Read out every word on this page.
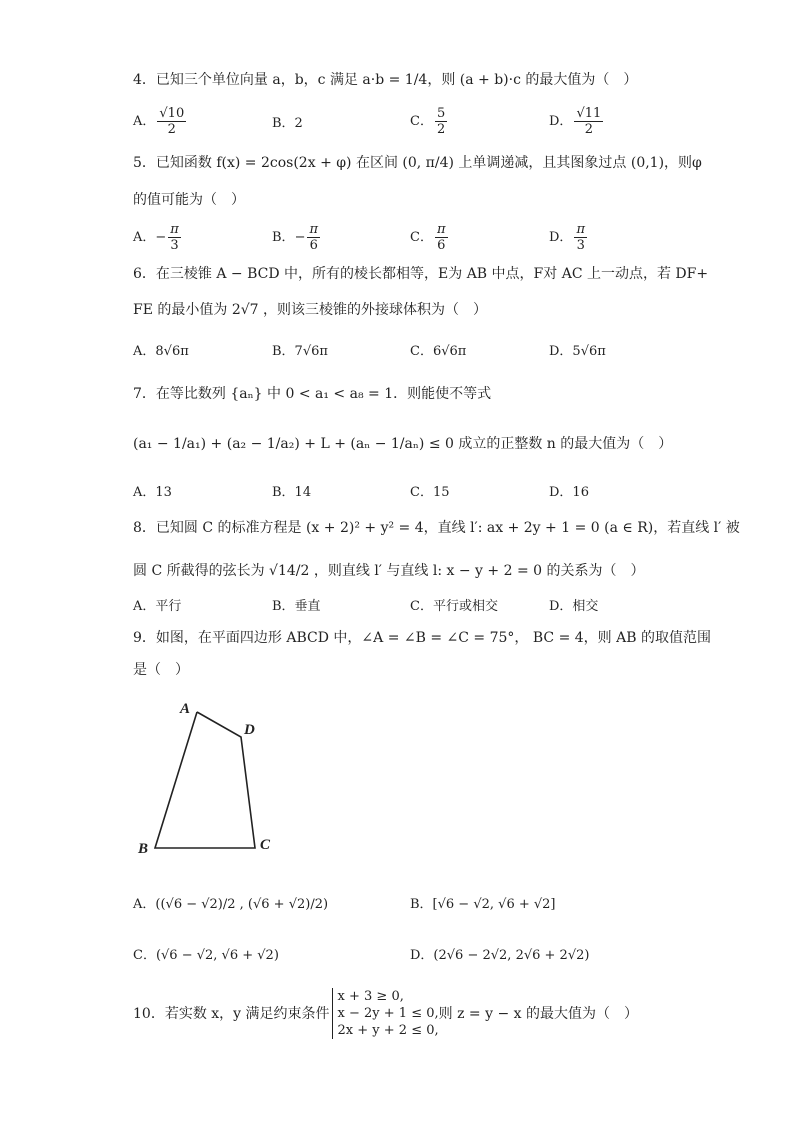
4．已知三个单位向量 a，b，c 满足 a·b = 1/4，则 (a + b)·c 的最大值为（　）
A． $\frac{√10}{2}$	B．2	C． $\frac{5}{2}$	D． $\frac{√11}{2}$
5．已知函数 f(x) = 2cos(2x + φ) 在区间 (0, π/4) 上单调递减，且其图象过点 (0,1)，则φ
的值可能为（　）
A．− $\frac{\pi}{3}$	B．− $\frac{\pi}{6}$	C． $\frac{\pi}{6}$	D． $\frac{\pi}{3}$
6．在三棱锥 A − BCD 中，所有的棱长都相等，E为 AB 中点，F对 AC 上一动点，若 DF+
FE 的最小值为 2√7 ，则该三棱锥的外接球体积为（　）
A．8√6π	B．7√6π	C．6√6π	D．5√6π
7．在等比数列 {aₙ} 中 0 < a₁ < a₈ = 1．则能使不等式
(a₁ − 1/a₁) + (a₂ − 1/a₂) + L + (aₙ − 1/aₙ) ≤ 0 成立的正整数 n 的最大值为（　）
A．13	B．14	C．15	D．16
8．已知圆 C 的标准方程是 (x + 2)² + y² = 4，直线 l′: ax + 2y + 1 = 0 (a ∈ R)，若直线 l′ 被
圆 C 所截得的弦长为 √14/2 ，则直线 l′ 与直线 l: x − y + 2 = 0 的关系为（　）
A．平行	B．垂直	C．平行或相交	D．相交
9．如图，在平面四边形 ABCD 中，∠A = ∠B = ∠C = 75°， BC = 4，则 AB 的取值范围
是（　）
A
D
B	C
A．((√6 − √2)/2 , (√6 + √2)/2)	B．[√6 − √2, √6 + √2]
C．(√6 − √2, √6 + √2)	D．(2√6 − 2√2, 2√6 + 2√2)
10．若实数 x，y 满足约束条件
x + 3 ≥ 0,
x − 2y + 1 ≤ 0,
2x + y + 2 ≤ 0,
则 z = y − x 的最大值为（　）
